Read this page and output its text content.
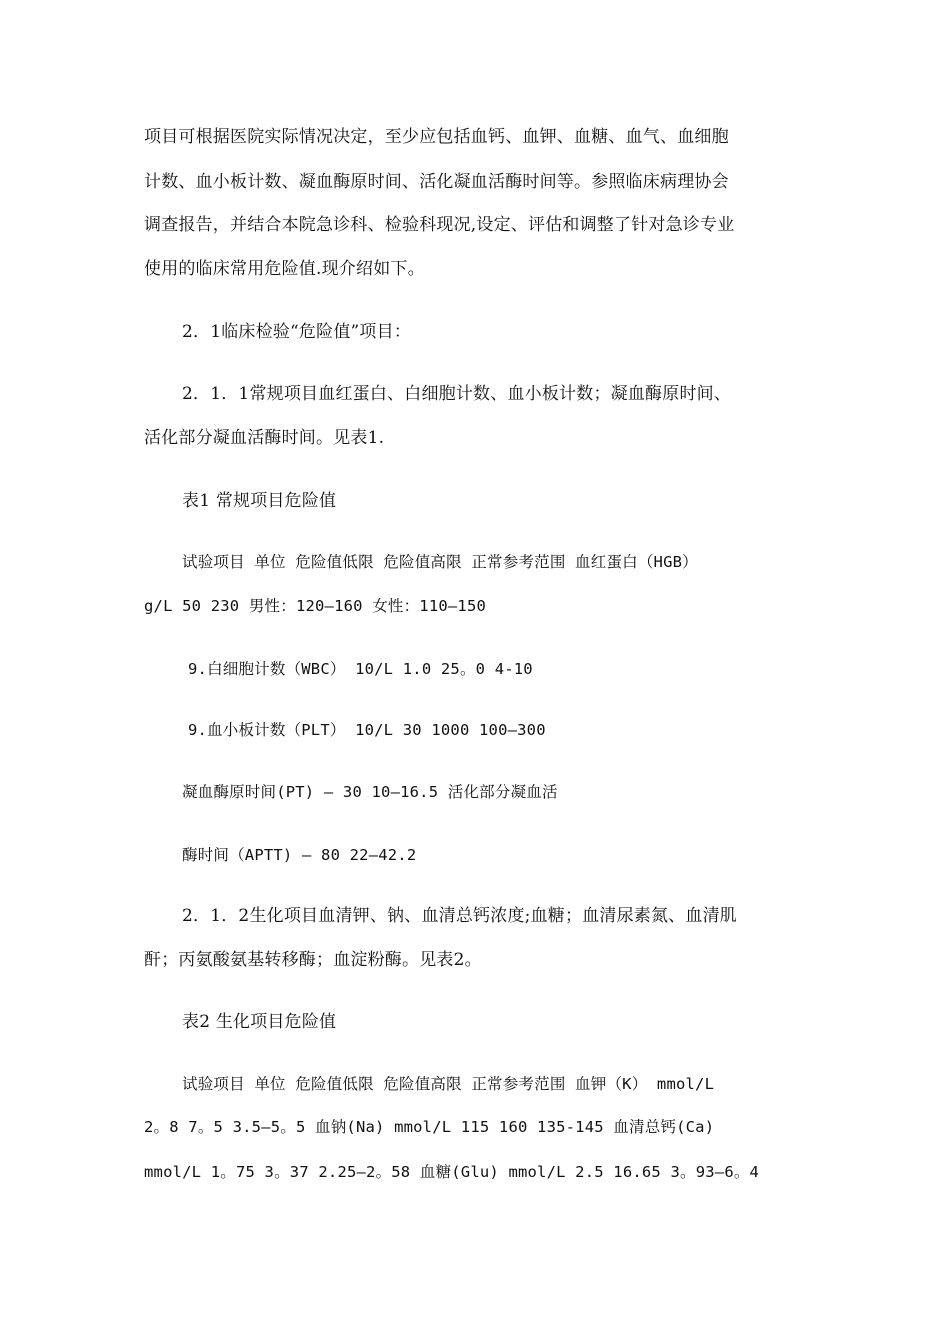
项目可根据医院实际情况决定，至少应包括血钙、血钾、血糖、血气、血细胞
计数、血小板计数、凝血酶原时间、活化凝血活酶时间等。参照临床病理协会
调查报告，并结合本院急诊科、检验科现况,设定、评估和调整了针对急诊专业
使用的临床常用危险值.现介绍如下。
2．1临床检验“危险值”项目：
2．1．1常规项目血红蛋白、白细胞计数、血小板计数；凝血酶原时间、
活化部分凝血活酶时间。见表1.
表1 常规项目危险值
试验项目 单位 危险值低限 危险值高限 正常参考范围 血红蛋白（HGB）
g/L 50 230 男性：120—160 女性：110—150
9.白细胞计数（WBC） 10/L 1.0 25。0 4-10
9.血小板计数（PLT） 10/L 30 1000 100—300
凝血酶原时间(PT) — 30 10—16.5 活化部分凝血活
酶时间（APTT) — 80 22—42.2
2．1．2生化项目血清钾、钠、血清总钙浓度;血糖；血清尿素氮、血清肌
酐；丙氨酸氨基转移酶；血淀粉酶。见表2。
表2 生化项目危险值
试验项目 单位 危险值低限 危险值高限 正常参考范围 血钾（K） mmol/L
2。8 7。5 3.5—5。5 血钠(Na) mmol/L 115 160 135-145 血清总钙(Ca)
mmol/L 1。75 3。37 2.25—2。58 血糖(Glu) mmol/L 2.5 16.65 3。93—6。4
